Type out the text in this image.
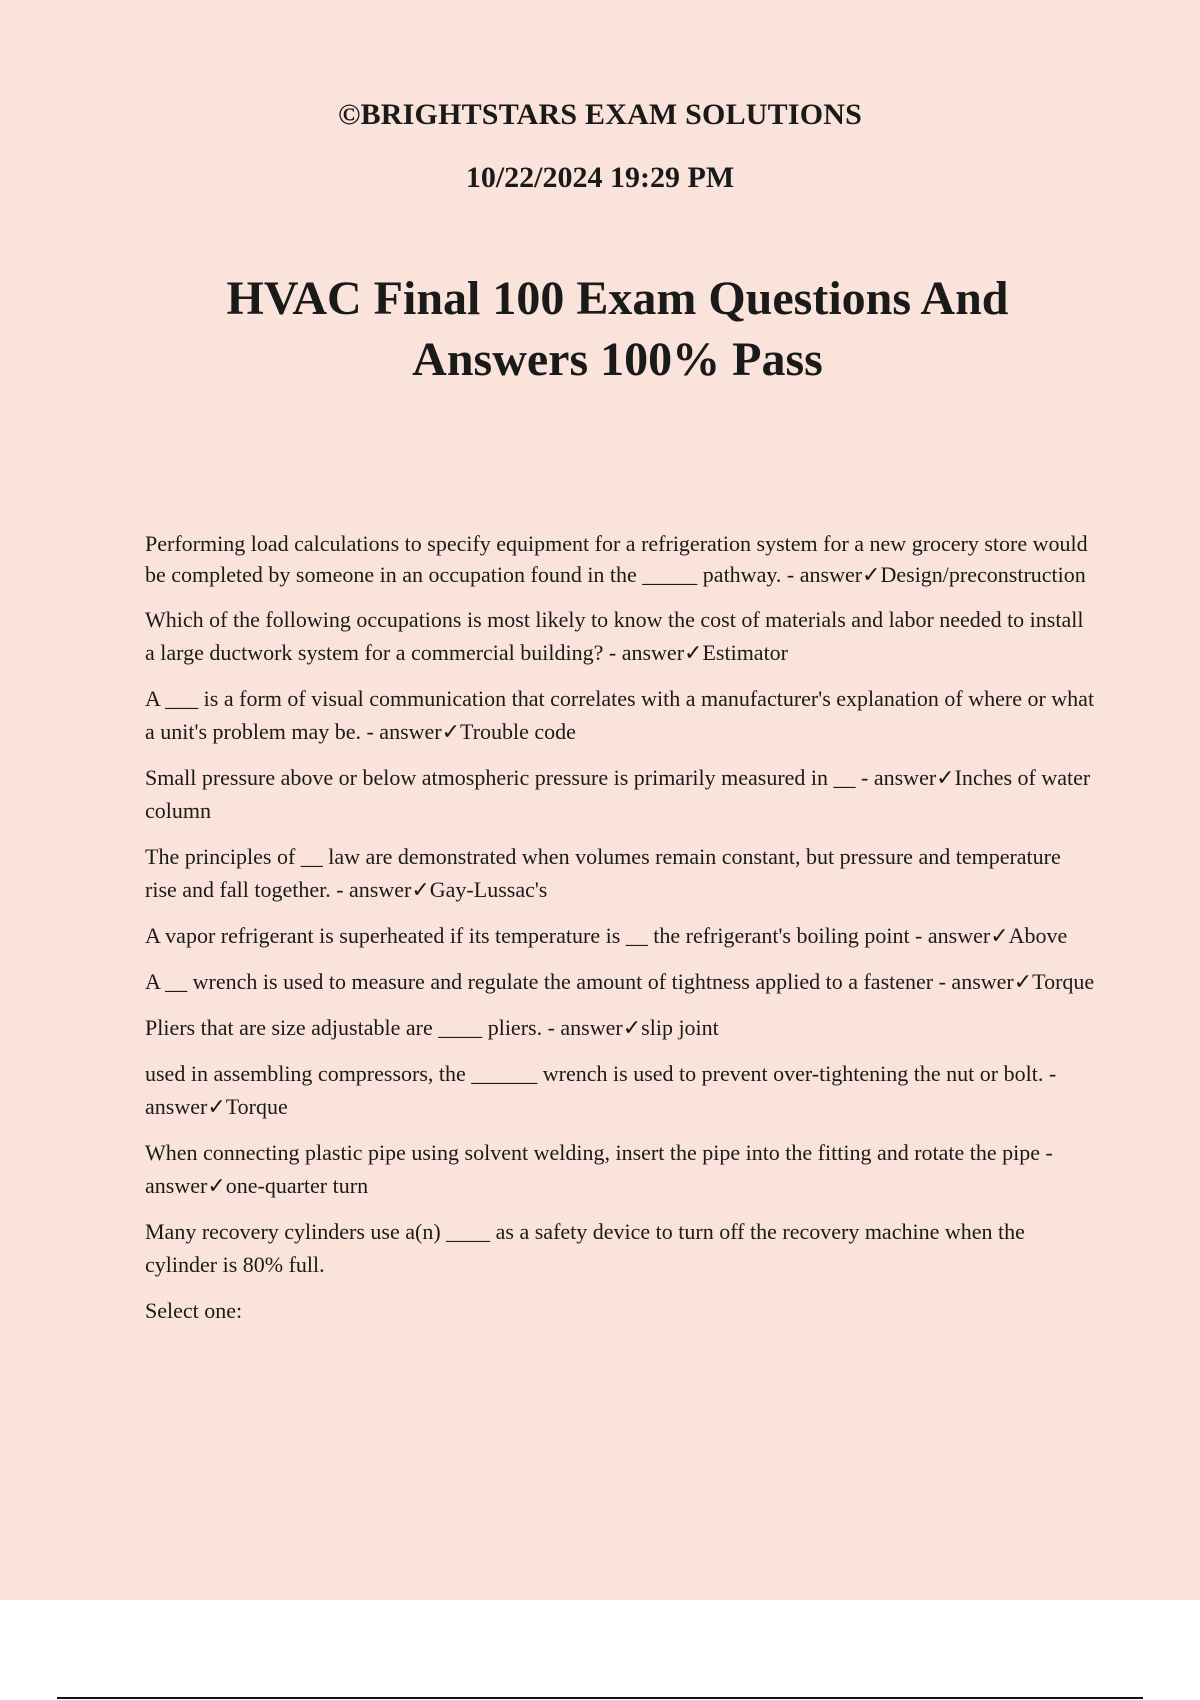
©BRIGHTSTARS EXAM SOLUTIONS
10/22/2024 19:29 PM
HVAC Final 100 Exam Questions And Answers 100% Pass

Performing load calculations to specify equipment for a refrigeration system for a new grocery store would be completed by someone in an occupation found in the _____ pathway. - answer✓Design/preconstruction

Which of the following occupations is most likely to know the cost of materials and labor needed to install a large ductwork system for a commercial building? - answer✓Estimator

A ___ is a form of visual communication that correlates with a manufacturer's explanation of where or what a unit's problem may be. - answer✓Trouble code

Small pressure above or below atmospheric pressure is primarily measured in __ - answer✓Inches of water column

The principles of __ law are demonstrated when volumes remain constant, but pressure and temperature rise and fall together. - answer✓Gay-Lussac's

A vapor refrigerant is superheated if its temperature is __ the refrigerant's boiling point - answer✓Above

A __ wrench is used to measure and regulate the amount of tightness applied to a fastener - answer✓Torque

Pliers that are size adjustable are ____ pliers. - answer✓slip joint

used in assembling compressors, the ______ wrench is used to prevent over-tightening the nut or bolt. - answer✓Torque

When connecting plastic pipe using solvent welding, insert the pipe into the fitting and rotate the pipe - answer✓one-quarter turn

Many recovery cylinders use a(n) ____ as a safety device to turn off the recovery machine when the cylinder is 80% full.

Select one:
